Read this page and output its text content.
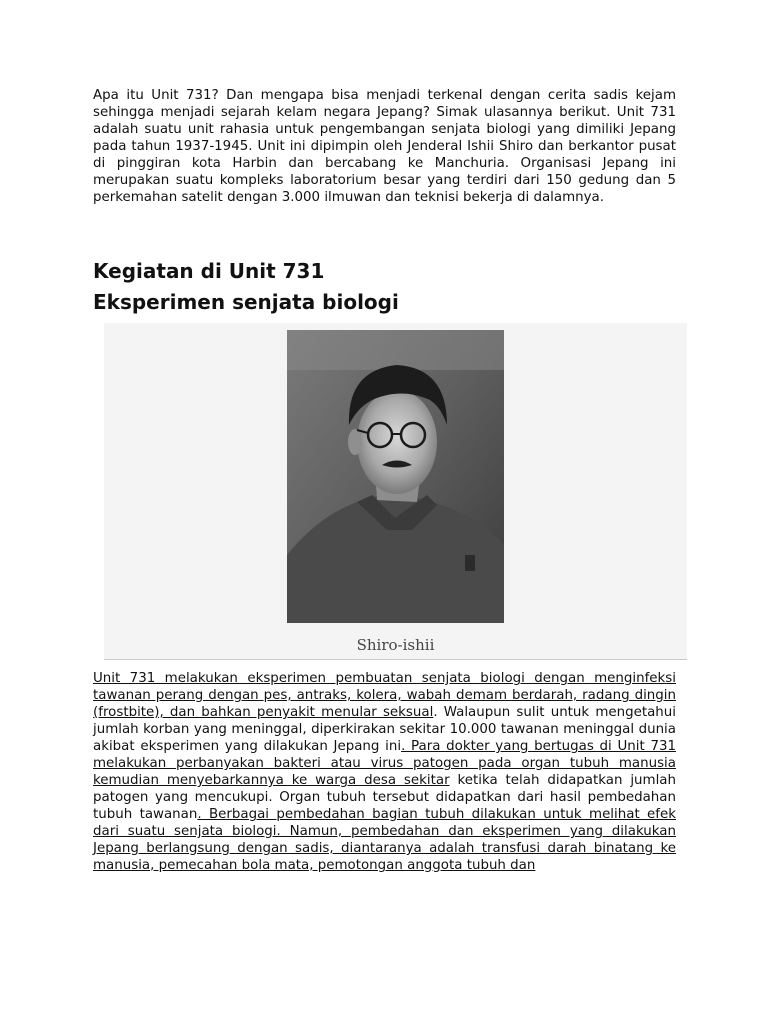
Apa itu Unit 731? Dan mengapa bisa menjadi terkenal dengan cerita sadis kejam sehingga menjadi sejarah kelam negara Jepang? Simak ulasannya berikut. Unit 731 adalah suatu unit rahasia untuk pengembangan senjata biologi yang dimiliki Jepang pada tahun 1937-1945. Unit ini dipimpin oleh Jenderal Ishii Shiro dan berkantor pusat di pinggiran kota Harbin dan bercabang ke Manchuria. Organisasi Jepang ini merupakan suatu kompleks laboratorium besar yang terdiri dari 150 gedung dan 5 perkemahan satelit dengan 3.000 ilmuwan dan teknisi bekerja di dalamnya.

Kegiatan di Unit 731
Eksperimen senjata biologi
Shiro-ishii

Unit 731 melakukan eksperimen pembuatan senjata biologi dengan menginfeksi tawanan perang dengan pes, antraks, kolera, wabah demam berdarah, radang dingin (frostbite), dan bahkan penyakit menular seksual. Walaupun sulit untuk mengetahui jumlah korban yang meninggal, diperkirakan sekitar 10.000 tawanan meninggal dunia akibat eksperimen yang dilakukan Jepang ini. Para dokter yang bertugas di Unit 731 melakukan perbanyakan bakteri atau virus patogen pada organ tubuh manusia kemudian menyebarkannya ke warga desa sekitar ketika telah didapatkan jumlah patogen yang mencukupi. Organ tubuh tersebut didapatkan dari hasil pembedahan tubuh tawanan. Berbagai pembedahan bagian tubuh dilakukan untuk melihat efek dari suatu senjata biologi. Namun, pembedahan dan eksperimen yang dilakukan Jepang berlangsung dengan sadis, diantaranya adalah transfusi darah binatang ke manusia, pemecahan bola mata, pemotongan anggota tubuh dan
